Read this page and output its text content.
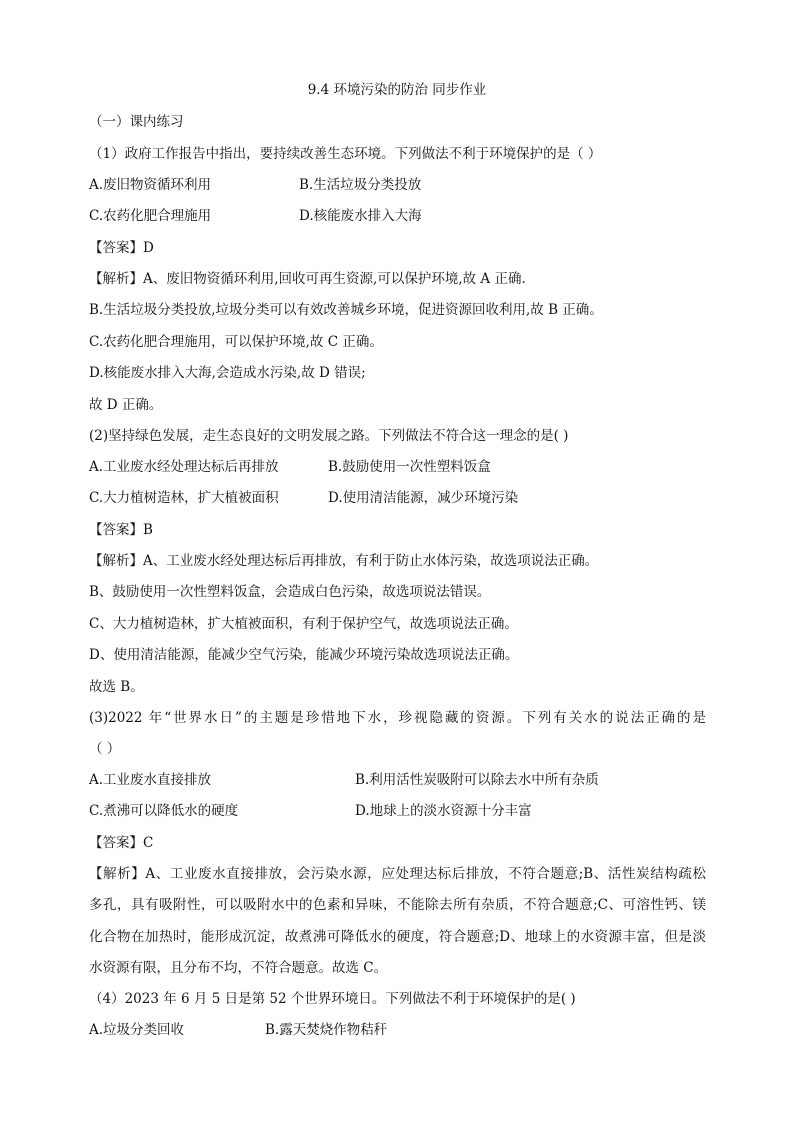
9.4 环境污染的防治 同步作业
（一）课内练习
（1）政府工作报告中指出，要持续改善生态环境。下列做法不利于环境保护的是（ ）
A.废旧物资循环利用	B.生活垃圾分类投放
C.农药化肥合理施用	D.核能废水排入大海
【答案】D
【解析】A、废旧物资循环利用,回收可再生资源,可以保护环境,故 A 正确.
B.生活垃圾分类投放,垃圾分类可以有效改善城乡环境，促进资源回收利用,故 B 正确。
C.农药化肥合理施用，可以保护环境,故 C 正确。
D.核能废水排入大海,会造成水污染,故 D 错误;
故 D 正确。
(2)坚持绿色发展，走生态良好的文明发展之路。下列做法不符合这一理念的是( )
A.工业废水经处理达标后再排放	B.鼓励使用一次性塑料饭盒
C.大力植树造林，扩大植被面积	D.使用清洁能源，减少环境污染
【答案】B
【解析】A、工业废水经处理达标后再排放，有利于防止水体污染，故选项说法正确。
B、鼓励使用一次性塑料饭盒，会造成白色污染，故选项说法错误。
C、大力植树造林，扩大植被面积，有利于保护空气，故选项说法正确。
D、使用清洁能源，能减少空气污染，能减少环境污染故选项说法正确。
故选 B。
(3)2022 年“世界水日”的主题是珍惜地下水，珍视隐藏的资源。下列有关水的说法正确的是
（ ）
A.工业废水直接排放	B.利用活性炭吸附可以除去水中所有杂质
C.煮沸可以降低水的硬度	D.地球上的淡水资源十分丰富
【答案】C
【解析】A、工业废水直接排放，会污染水源，应处理达标后排放，不符合题意;B、活性炭结构疏松
多孔，具有吸附性，可以吸附水中的色素和异味，不能除去所有杂质，不符合题意;C、可溶性钙、镁
化合物在加热时，能形成沉淀，故煮沸可降低水的硬度，符合题意;D、地球上的水资源丰富，但是淡
水资源有限，且分布不均，不符合题意。故选 C。
（4）2023 年 6 月 5 日是第 52 个世界环境日。下列做法不利于环境保护的是( )
A.垃圾分类回收	B.露天焚烧作物秸秆
